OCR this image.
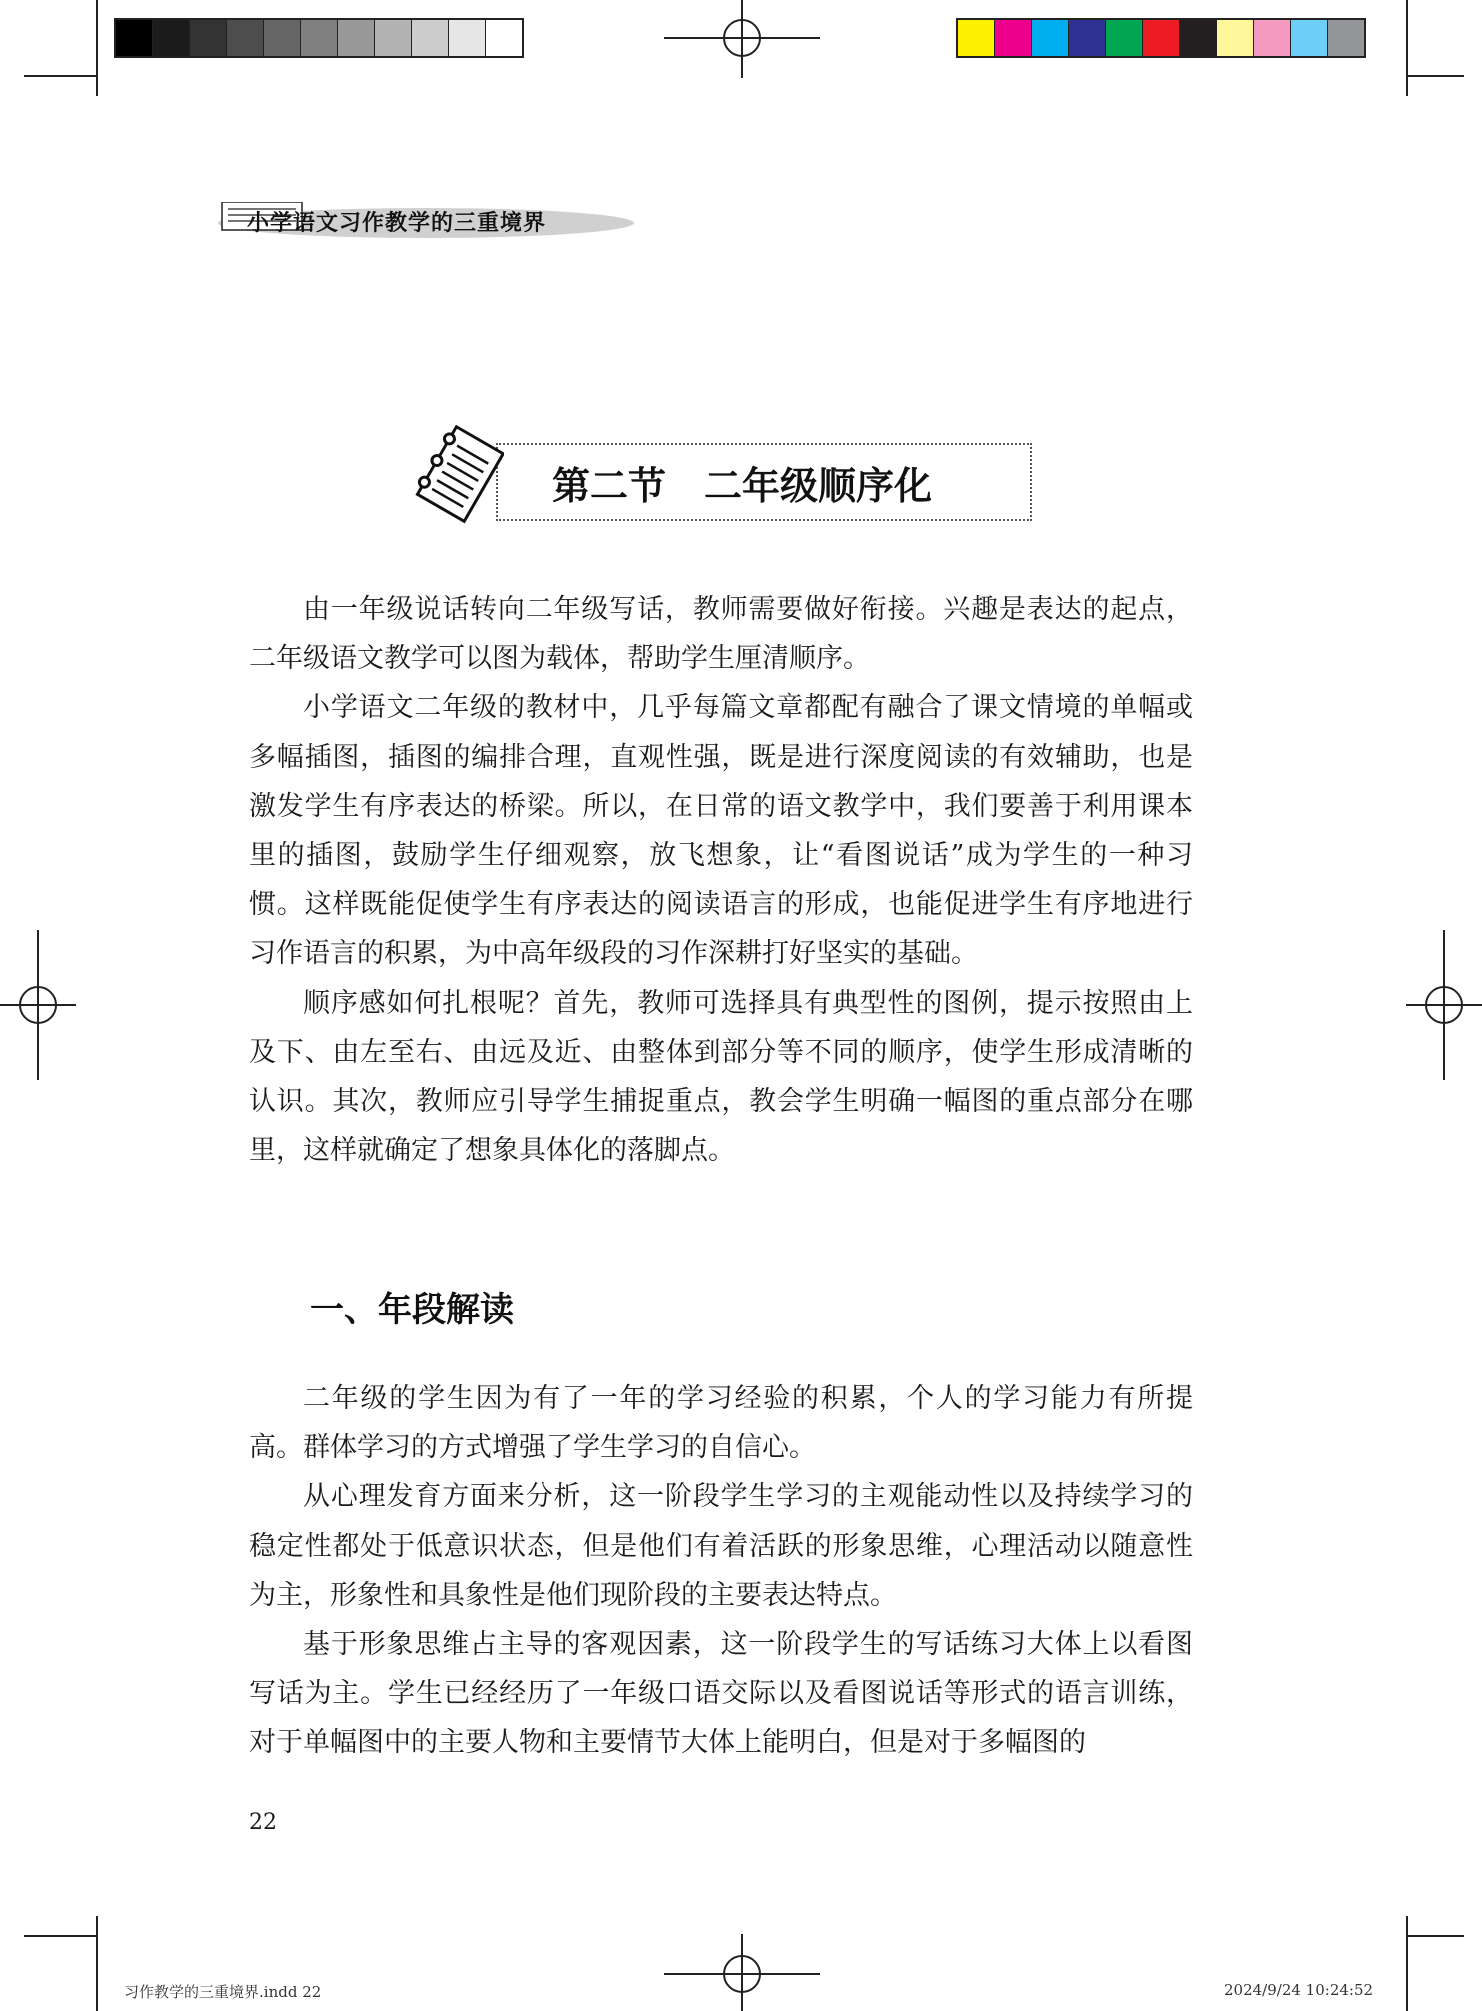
小学语文习作教学的三重境界
第二节　二年级顺序化

由一年级说话转向二年级写话，教师需要做好衔接。兴趣是表达的起点，二年级语文教学可以图为载体，帮助学生厘清顺序。

小学语文二年级的教材中，几乎每篇文章都配有融合了课文情境的单幅或多幅插图，插图的编排合理，直观性强，既是进行深度阅读的有效辅助，也是激发学生有序表达的桥梁。所以，在日常的语文教学中，我们要善于利用课本里的插图，鼓励学生仔细观察，放飞想象，让“看图说话”成为学生的一种习惯。这样既能促使学生有序表达的阅读语言的形成，也能促进学生有序地进行习作语言的积累，为中高年级段的习作深耕打好坚实的基础。

顺序感如何扎根呢？首先，教师可选择具有典型性的图例，提示按照由上及下、由左至右、由远及近、由整体到部分等不同的顺序，使学生形成清晰的认识。其次，教师应引导学生捕捉重点，教会学生明确一幅图的重点部分在哪里，这样就确定了想象具体化的落脚点。

一、年段解读

二年级的学生因为有了一年的学习经验的积累，个人的学习能力有所提高。群体学习的方式增强了学生学习的自信心。

从心理发育方面来分析，这一阶段学生学习的主观能动性以及持续学习的稳定性都处于低意识状态，但是他们有着活跃的形象思维，心理活动以随意性为主，形象性和具象性是他们现阶段的主要表达特点。

基于形象思维占主导的客观因素，这一阶段学生的写话练习大体上以看图写话为主。学生已经经历了一年级口语交际以及看图说话等形式的语言训练，对于单幅图中的主要人物和主要情节大体上能明白，但是对于多幅图的

22
习作教学的三重境界.indd 22	2024/9/24 10:24:52
